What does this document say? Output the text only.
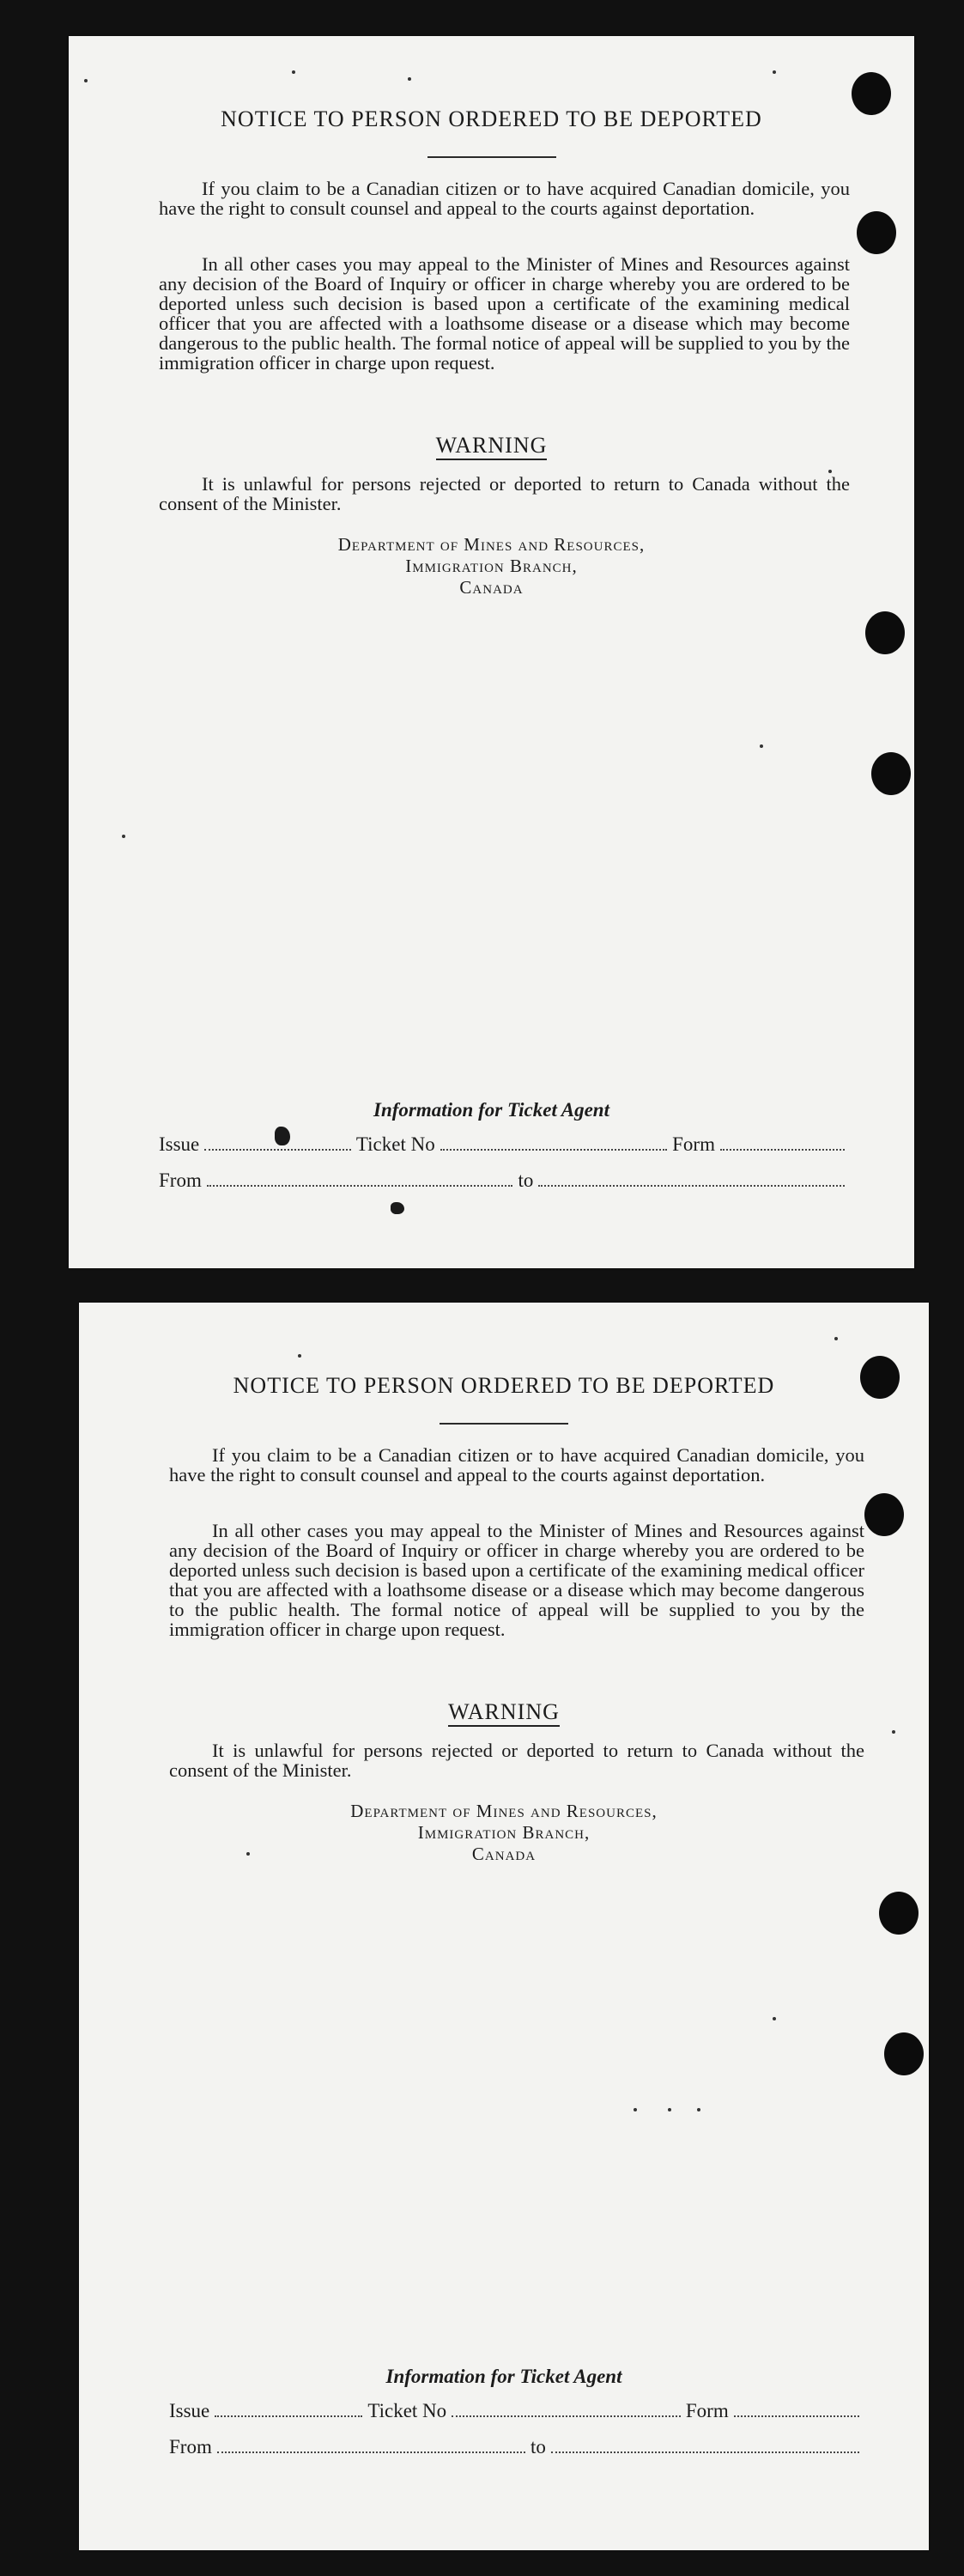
NOTICE TO PERSON ORDERED TO BE DEPORTED
If you claim to be a Canadian citizen or to have acquired Canadian domicile, you have the right to consult counsel and appeal to the courts against deportation.
In all other cases you may appeal to the Minister of Mines and Resources against any decision of the Board of Inquiry or officer in charge whereby you are ordered to be deported unless such decision is based upon a certificate of the examining medical officer that you are affected with a loathsome disease or a disease which may become dangerous to the public health. The formal notice of appeal will be supplied to you by the immigration officer in charge upon request.
WARNING
It is unlawful for persons rejected or deported to return to Canada without the consent of the Minister.
Department of Mines and Resources,
Immigration Branch,
Canada
Information for Ticket Agent
Issue	Ticket No	Form
From	to
NOTICE TO PERSON ORDERED TO BE DEPORTED
If you claim to be a Canadian citizen or to have acquired Canadian domicile, you have the right to consult counsel and appeal to the courts against deportation.
In all other cases you may appeal to the Minister of Mines and Resources against any decision of the Board of Inquiry or officer in charge whereby you are ordered to be deported unless such decision is based upon a certificate of the examining medical officer that you are affected with a loathsome disease or a disease which may become dangerous to the public health. The formal notice of appeal will be supplied to you by the immigration officer in charge upon request.
WARNING
It is unlawful for persons rejected or deported to return to Canada without the consent of the Minister.
Department of Mines and Resources,
Immigration Branch,
Canada
Information for Ticket Agent
Issue	Ticket No	Form
From	to
